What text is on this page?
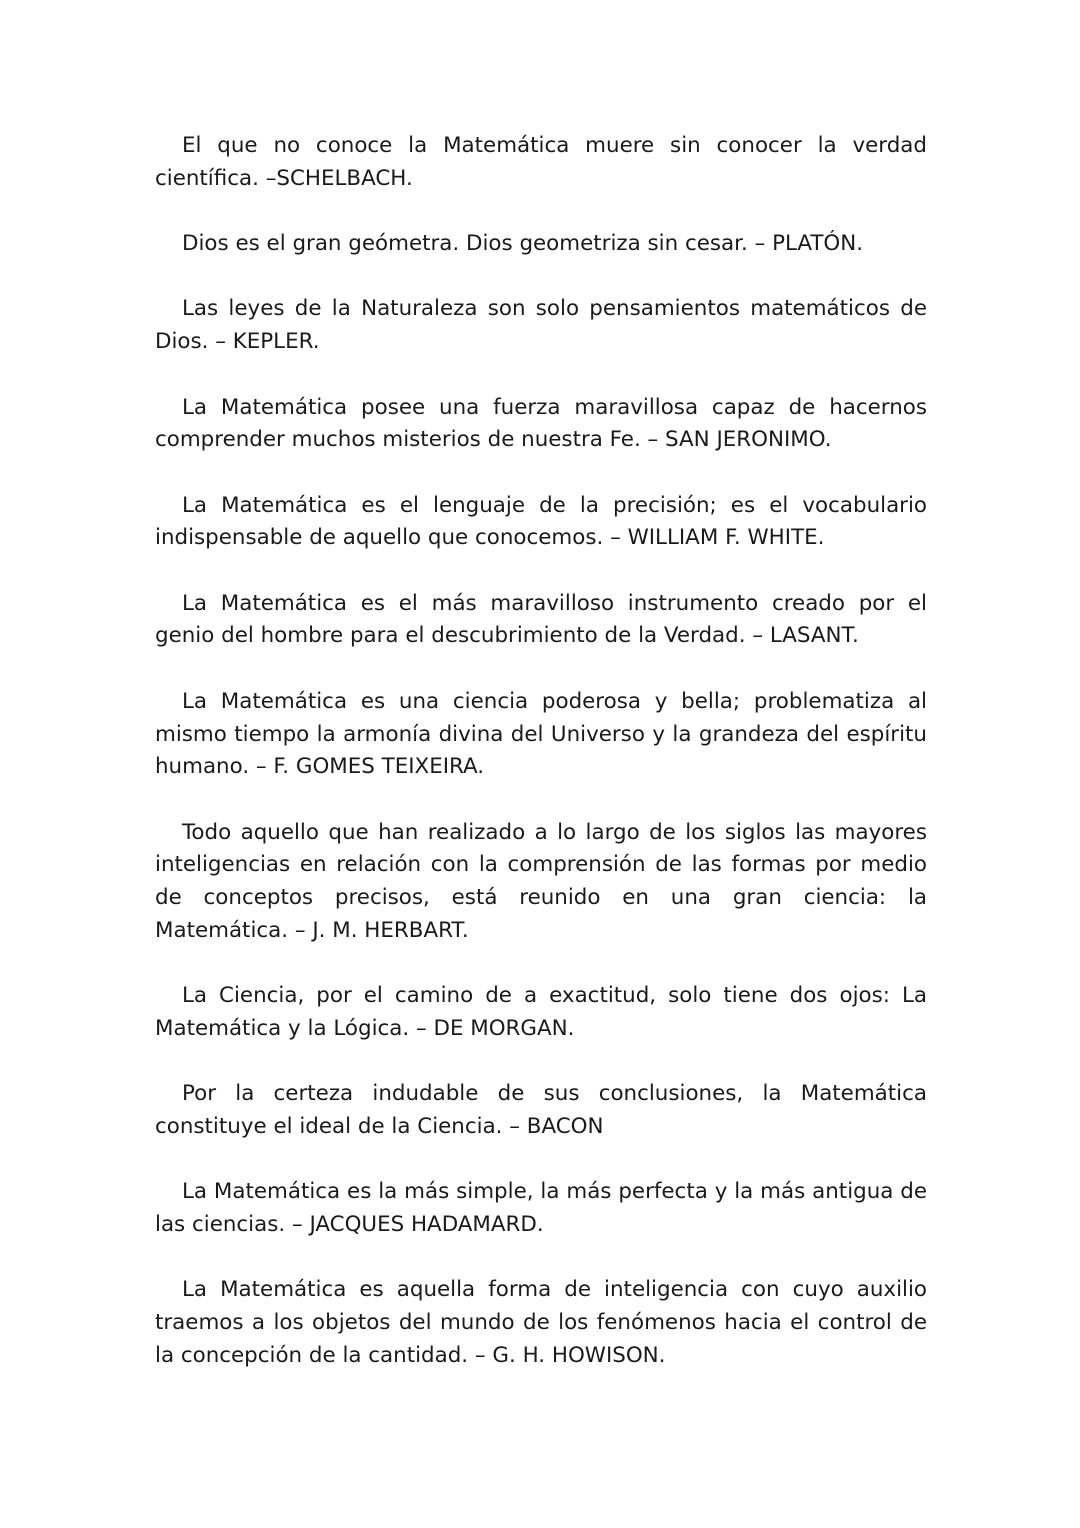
El que no conoce la Matemática muere sin conocer la verdad científica. –SCHELBACH.

Dios es el gran geómetra. Dios geometriza sin cesar. – PLATÓN.

Las leyes de la Naturaleza son solo pensamientos matemáticos de Dios. – KEPLER.

La Matemática posee una fuerza maravillosa capaz de hacernos comprender muchos misterios de nuestra Fe. – SAN JERONIMO.

La Matemática es el lenguaje de la precisión; es el vocabulario indispensable de aquello que conocemos. – WILLIAM F. WHITE.

La Matemática es el más maravilloso instrumento creado por el genio del hombre para el descubrimiento de la Verdad. – LASANT.

La Matemática es una ciencia poderosa y bella; problematiza al mismo tiempo la armonía divina del Universo y la grandeza del espíritu humano. – F. GOMES TEIXEIRA.

Todo aquello que han realizado a lo largo de los siglos las mayores inteligencias en relación con la comprensión de las formas por medio de conceptos precisos, está reunido en una gran ciencia: la Matemática. – J. M. HERBART.

La Ciencia, por el camino de a exactitud, solo tiene dos ojos: La Matemática y la Lógica. – DE MORGAN.

Por la certeza indudable de sus conclusiones, la Matemática constituye el ideal de la Ciencia. – BACON

La Matemática es la más simple, la más perfecta y la más antigua de las ciencias. – JACQUES HADAMARD.

La Matemática es aquella forma de inteligencia con cuyo auxilio traemos a los objetos del mundo de los fenómenos hacia el control de la concepción de la cantidad. – G. H. HOWISON.
